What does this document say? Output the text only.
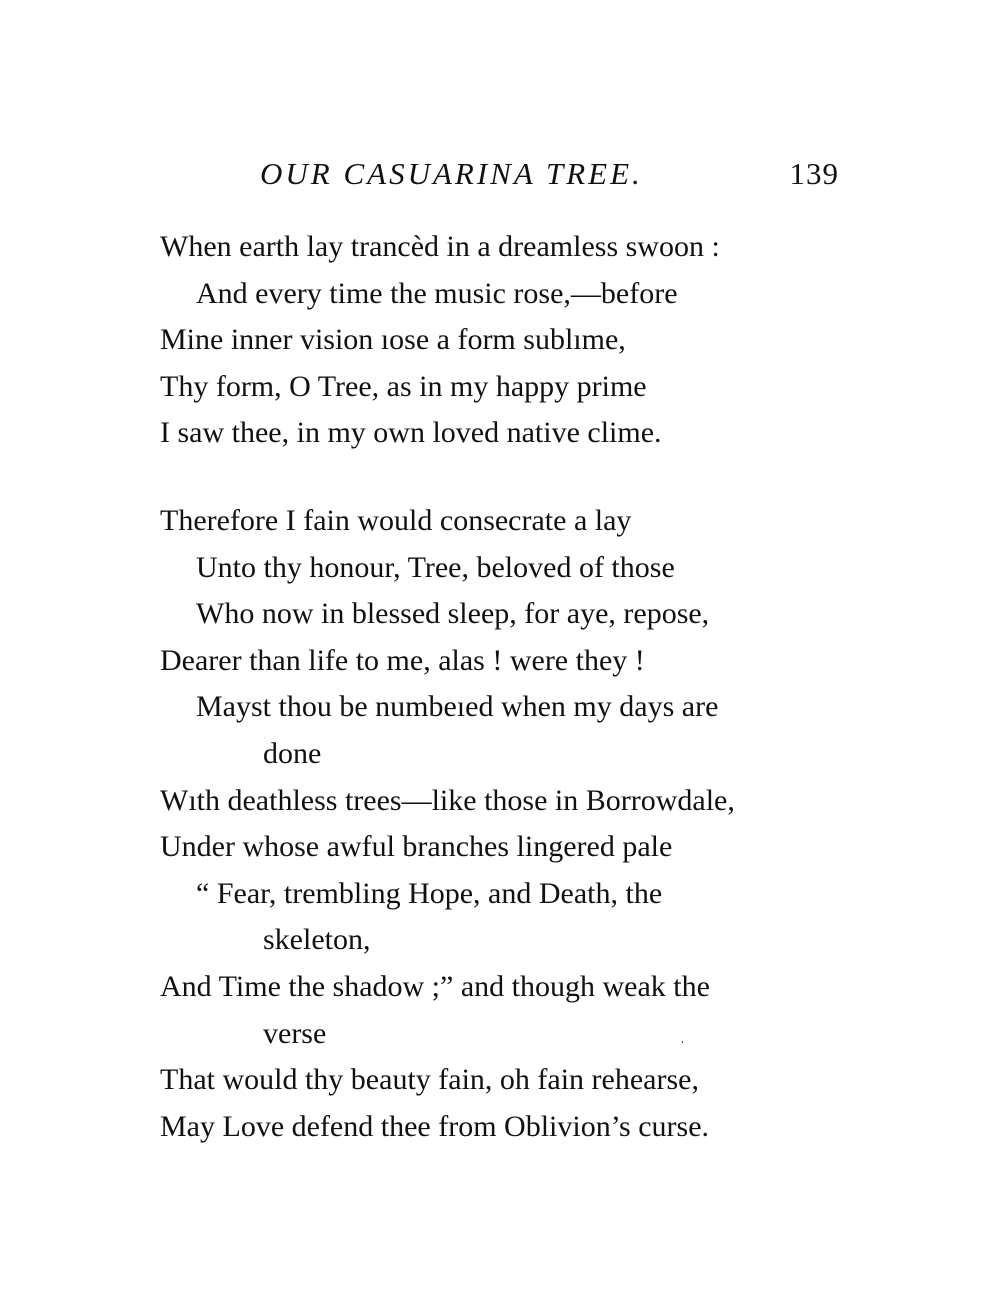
OUR CASUARINA TREE.	139
When earth lay trancèd in a dreamless swoon :
And every time the music rose,—before
Mine inner vision ıose a form sublıme,
Thy form, O Tree, as in my happy prime
I saw thee, in my own loved native clime.
Therefore I fain would consecrate a lay
Unto thy honour, Tree, beloved of those
Who now in blessed sleep, for aye, repose,
Dearer than life to me, alas ! were they !
Mayst thou be numbeıed when my days are
done
Wıth deathless trees—like those in Borrowdale,
Under whose awful branches lingered pale
“ Fear, trembling Hope, and Death, the
skeleton,
And Time the shadow ;” and though weak the
verse
That would thy beauty fain, oh fain rehearse,
May Love defend thee from Oblivion’s curse.
ˌ
